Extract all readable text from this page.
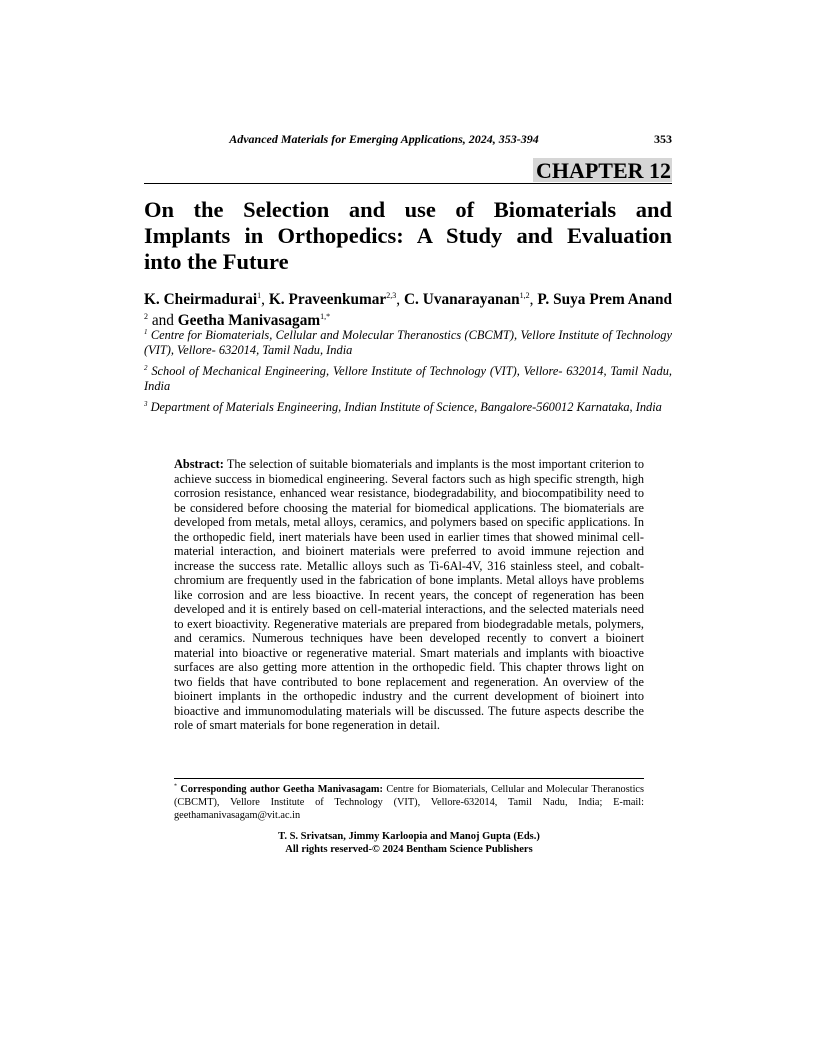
Advanced Materials for Emerging Applications, 2024, 353-394	353
CHAPTER 12
On the Selection and use of Biomaterials and
Implants in Orthopedics: A Study and Evaluation
into the Future
K. Cheirmadurai$^1$, K. Praveenkumar$^{2,3}$, C. Uvanarayanan$^{1,2}$, P. Suya Prem Anand
$^2$ and Geetha Manivasagam$^{1,*}$

$^1$ Centre for Biomaterials, Cellular and Molecular Theranostics (CBCMT), Vellore Institute of Technology (VIT), Vellore- 632014, Tamil Nadu, India

$^2$ School of Mechanical Engineering, Vellore Institute of Technology (VIT), Vellore- 632014, Tamil Nadu, India

$^3$ Department of Materials Engineering, Indian Institute of Science, Bangalore-560012 Karnataka, India

Abstract: The selection of suitable biomaterials and implants is the most important criterion to achieve success in biomedical engineering. Several factors such as high specific strength, high corrosion resistance, enhanced wear resistance, biodegradability, and biocompatibility need to be considered before choosing the material for biomedical applications. The biomaterials are developed from metals, metal alloys, ceramics, and polymers based on specific applications. In the orthopedic field, inert materials have been used in earlier times that showed minimal cell-material interaction, and bioinert materials were preferred to avoid immune rejection and increase the success rate. Metallic alloys such as Ti-6Al-4V, 316 stainless steel, and cobalt-chromium are frequently used in the fabrication of bone implants. Metal alloys have problems like corrosion and are less bioactive. In recent years, the concept of regeneration has been developed and it is entirely based on cell-material interactions, and the selected materials need to exert bioactivity. Regenerative materials are prepared from biodegradable metals, polymers, and ceramics. Numerous techniques have been developed recently to convert a bioinert material into bioactive or regenerative material. Smart materials and implants with bioactive surfaces are also getting more attention in the orthopedic field. This chapter throws light on two fields that have contributed to bone replacement and regeneration. An overview of the bioinert implants in the orthopedic industry and the current development of bioinert into bioactive and immunomodulating materials will be discussed. The future aspects describe the role of smart materials for bone regeneration in detail.

* Corresponding author Geetha Manivasagam: Centre for Biomaterials, Cellular and Molecular Theranostics (CBCMT), Vellore Institute of Technology (VIT), Vellore-632014, Tamil Nadu, India; E-mail: geethamanivasagam@vit.ac.in

T. S. Srivatsan, Jimmy Karloopia and Manoj Gupta (Eds.)
All rights reserved-© 2024 Bentham Science Publishers
